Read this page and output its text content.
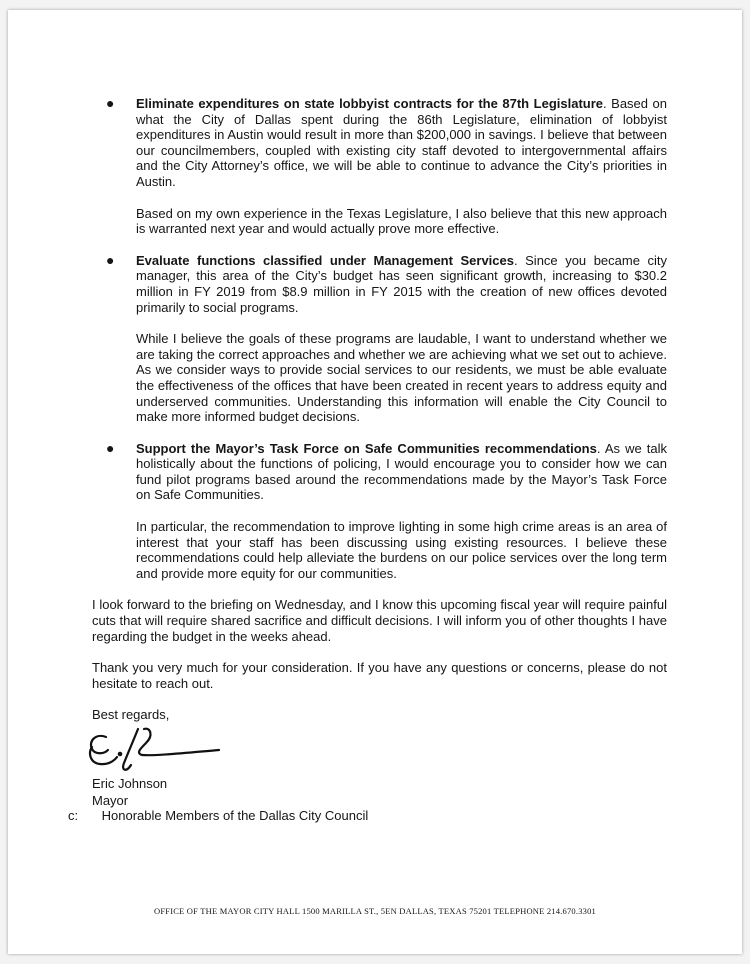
● Eliminate expenditures on state lobbyist contracts for the 87th Legislature. Based on what the City of Dallas spent during the 86th Legislature, elimination of lobbyist expenditures in Austin would result in more than $200,000 in savings. I believe that between our councilmembers, coupled with existing city staff devoted to intergovernmental affairs and the City Attorney’s office, we will be able to continue to advance the City’s priorities in Austin.

Based on my own experience in the Texas Legislature, I also believe that this new approach is warranted next year and would actually prove more effective.

● Evaluate functions classified under Management Services. Since you became city manager, this area of the City’s budget has seen significant growth, increasing to $30.2 million in FY 2019 from $8.9 million in FY 2015 with the creation of new offices devoted primarily to social programs.

While I believe the goals of these programs are laudable, I want to understand whether we are taking the correct approaches and whether we are achieving what we set out to achieve. As we consider ways to provide social services to our residents, we must be able evaluate the effectiveness of the offices that have been created in recent years to address equity and underserved communities. Understanding this information will enable the City Council to make more informed budget decisions.

● Support the Mayor’s Task Force on Safe Communities recommendations. As we talk holistically about the functions of policing, I would encourage you to consider how we can fund pilot programs based around the recommendations made by the Mayor’s Task Force on Safe Communities.

In particular, the recommendation to improve lighting in some high crime areas is an area of interest that your staff has been discussing using existing resources. I believe these recommendations could help alleviate the burdens on our police services over the long term and provide more equity for our communities.

I look forward to the briefing on Wednesday, and I know this upcoming fiscal year will require painful cuts that will require shared sacrifice and difficult decisions. I will inform you of other thoughts I have regarding the budget in the weeks ahead.

Thank you very much for your consideration. If you have any questions or concerns, please do not hesitate to reach out.

Best regards,

Eric Johnson

Mayor

c: Honorable Members of the Dallas City Council
OFFICE OF THE MAYOR CITY HALL 1500 MARILLA ST., 5EN DALLAS, TEXAS 75201 TELEPHONE 214.670.3301
